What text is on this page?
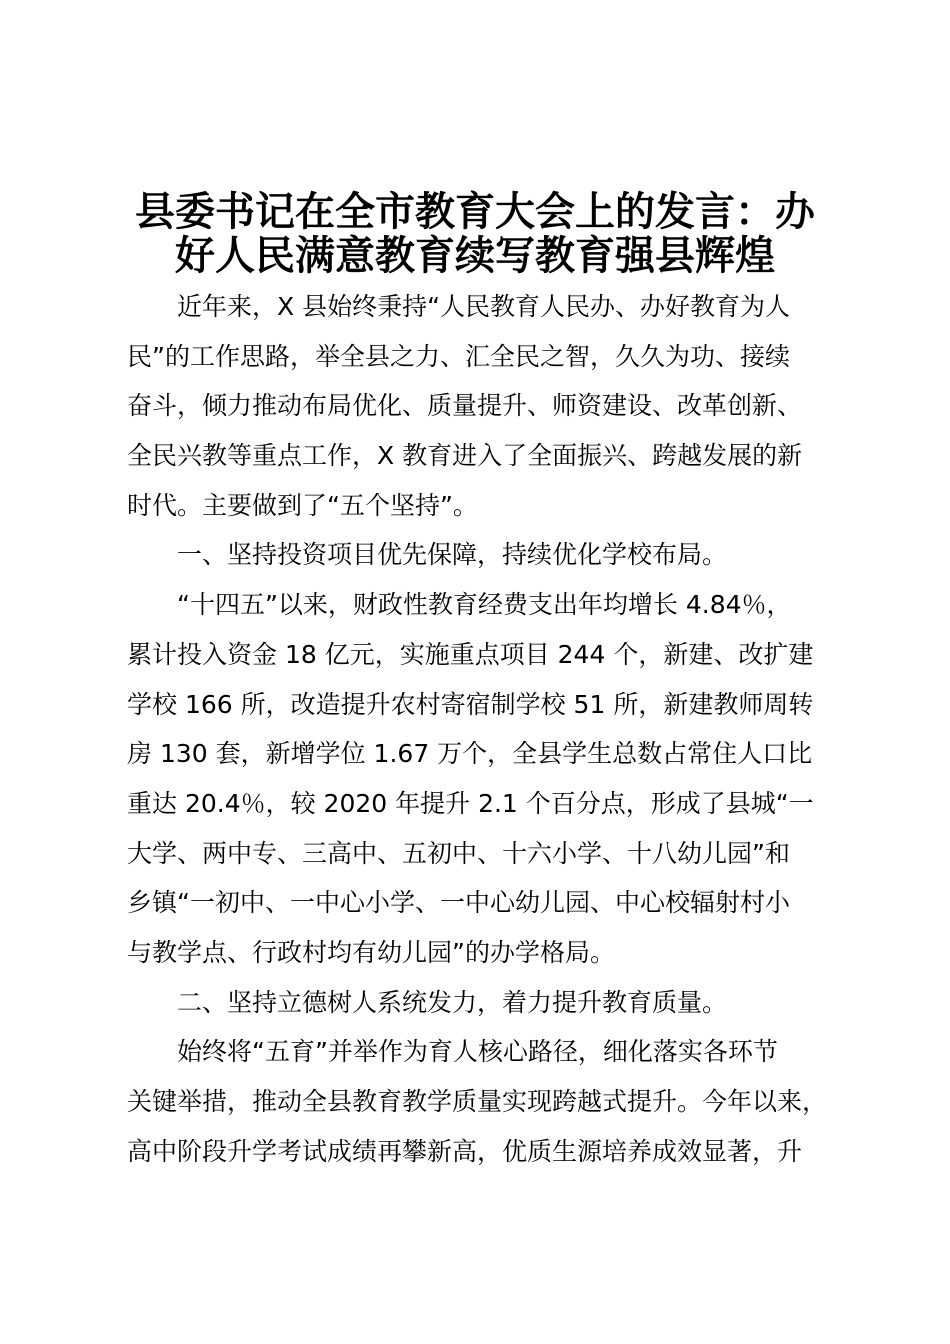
县委书记在全市教育大会上的发言：办
好人民满意教育续写教育强县辉煌
近年来，X 县始终秉持“人民教育人民办、办好教育为人
民”的工作思路，举全县之力、汇全民之智，久久为功、接续
奋斗，倾力推动布局优化、质量提升、师资建设、改革创新、
全民兴教等重点工作，X 教育进入了全面振兴、跨越发展的新
时代。主要做到了“五个坚持”。
一、坚持投资项目优先保障，持续优化学校布局。
“十四五”以来，财政性教育经费支出年均增长 4.84％，
累计投入资金 18 亿元，实施重点项目 244 个，新建、改扩建
学校 166 所，改造提升农村寄宿制学校 51 所，新建教师周转
房 130 套，新增学位 1.67 万个，全县学生总数占常住人口比
重达 20.4％，较 2020 年提升 2.1 个百分点，形成了县城“一
大学、两中专、三高中、五初中、十六小学、十八幼儿园”和
乡镇“一初中、一中心小学、一中心幼儿园、中心校辐射村小
与教学点、行政村均有幼儿园”的办学格局。
二、坚持立德树人系统发力，着力提升教育质量。
始终将“五育”并举作为育人核心路径，细化落实各环节
关键举措，推动全县教育教学质量实现跨越式提升。今年以来，
高中阶段升学考试成绩再攀新高，优质生源培养成效显著，升
